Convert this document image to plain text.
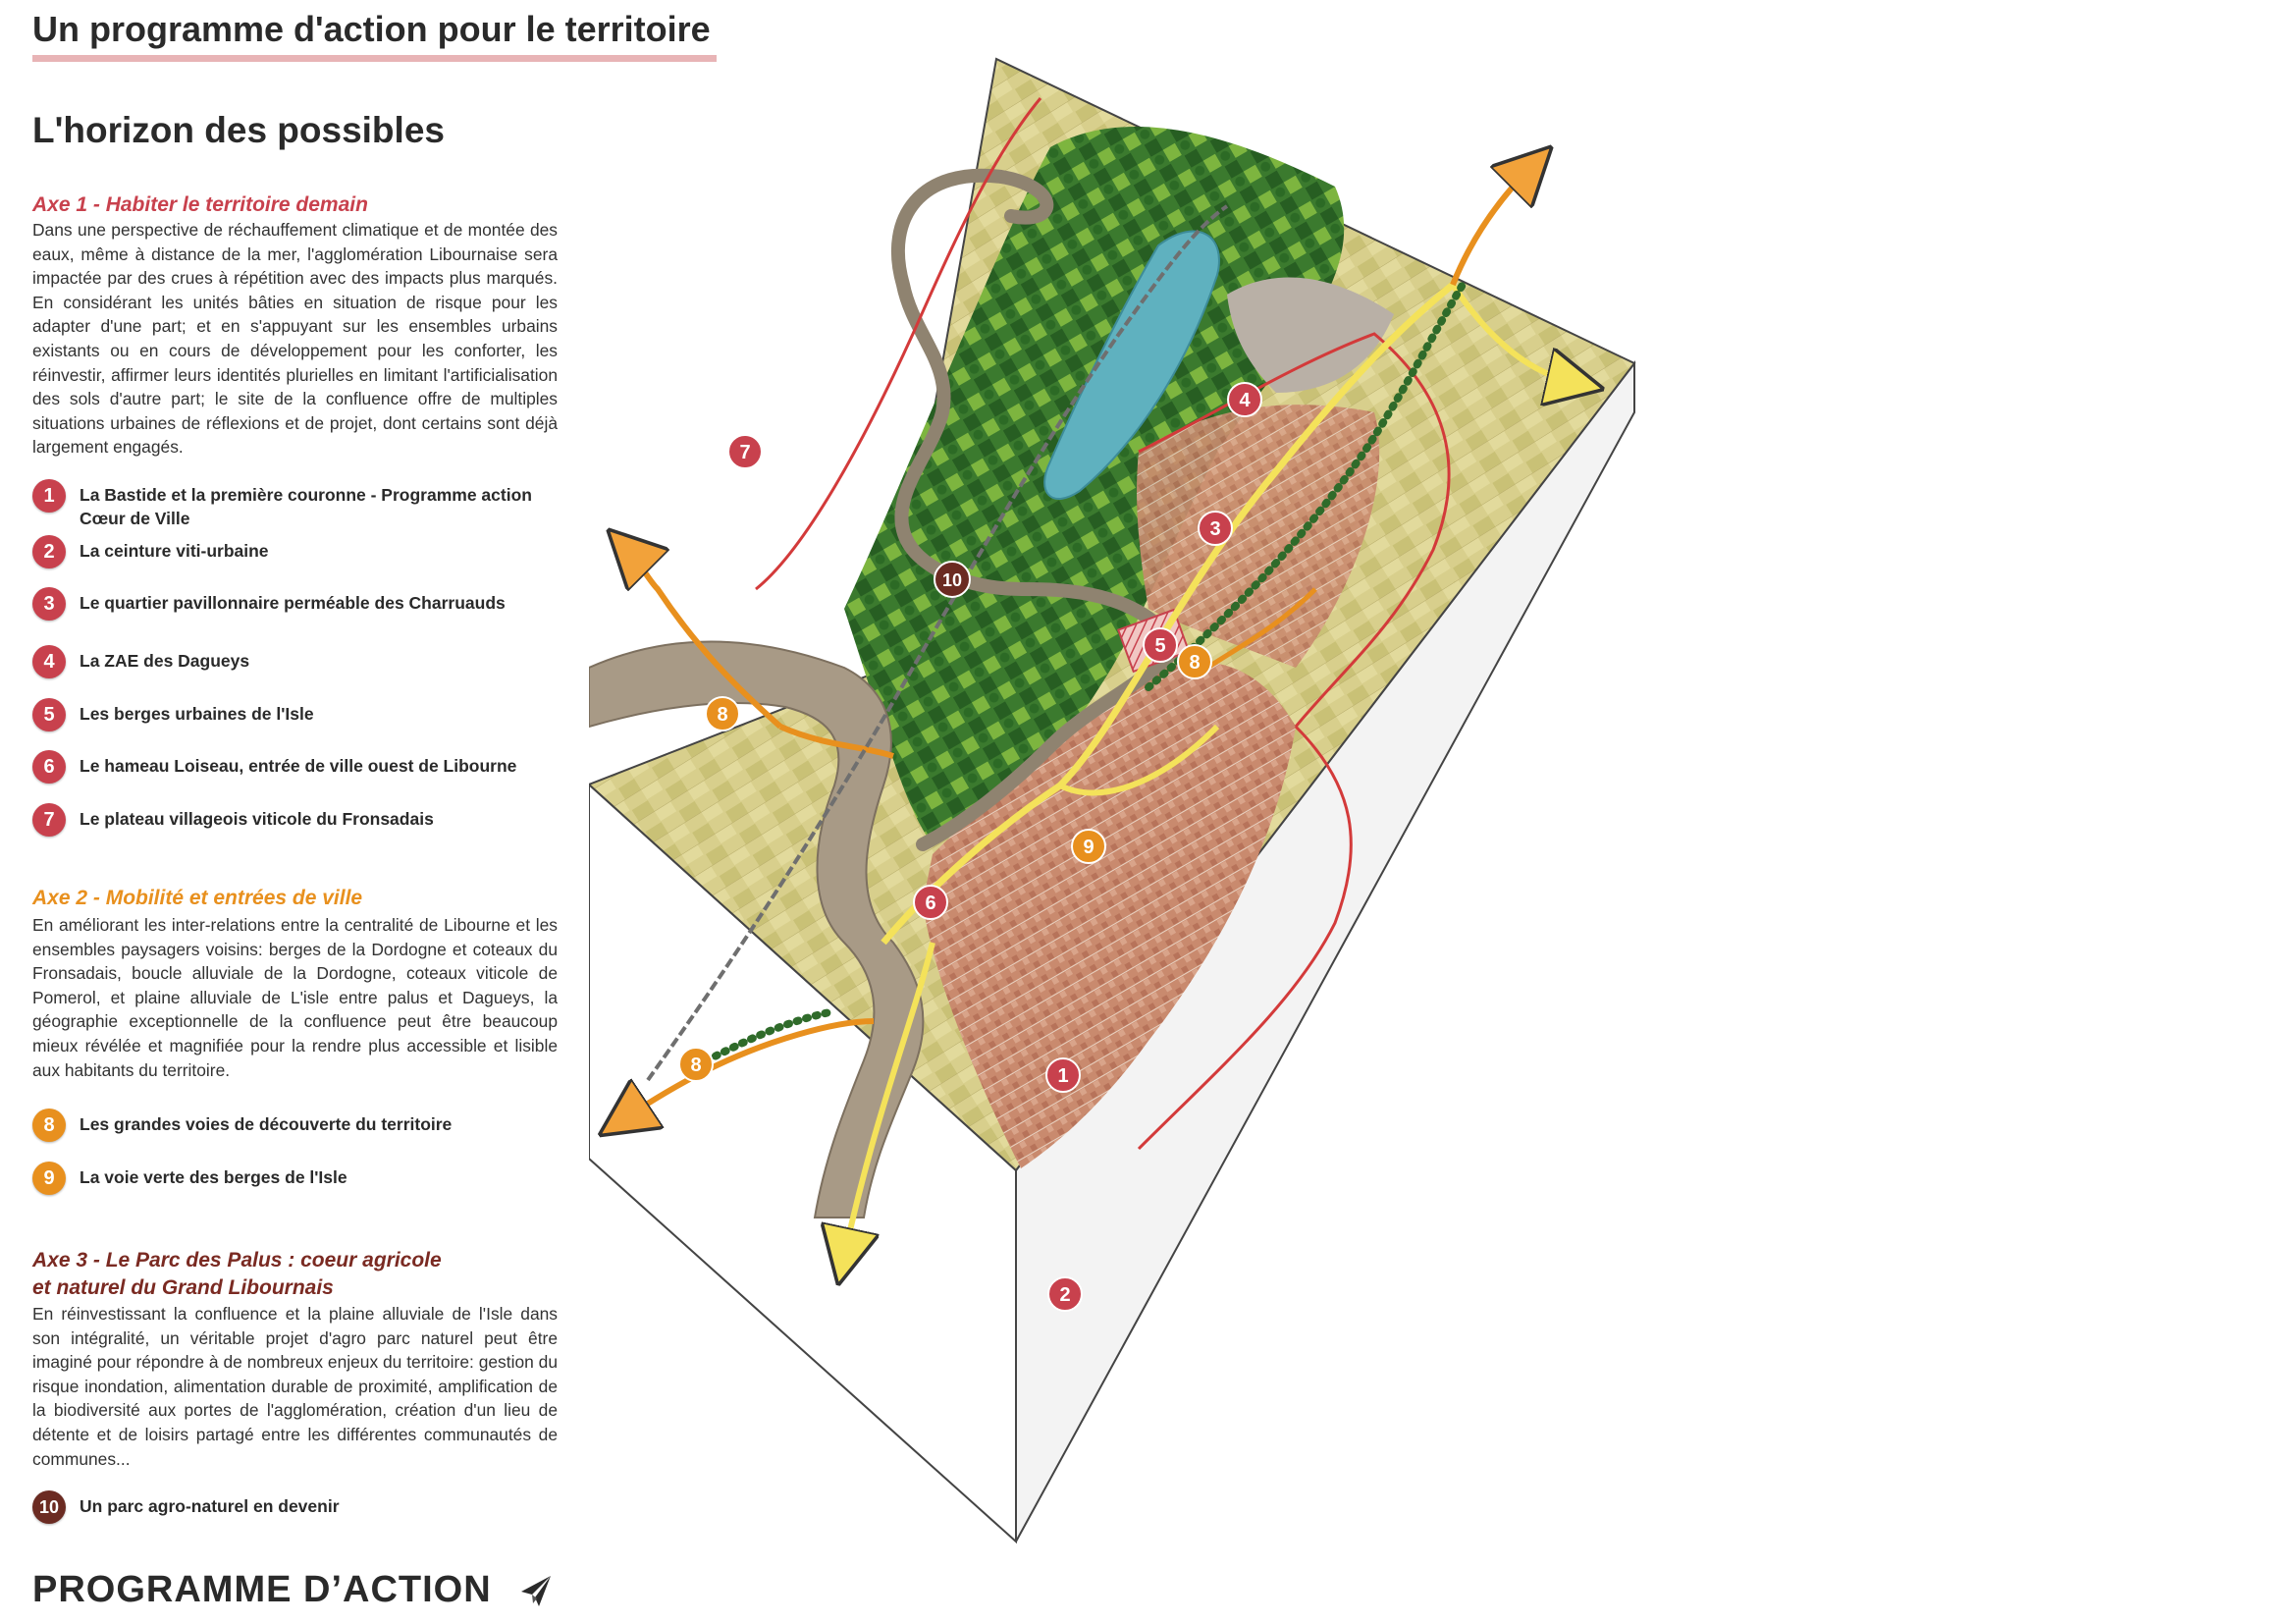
Un programme d'action pour le territoire
L'horizon des possibles
Axe 1 - Habiter le territoire demain

Dans une perspective de réchauffement climatique et de montée des eaux, même à distance de la mer, l'agglomération Libournaise sera impactée par des crues à répétition avec des impacts plus marqués. En considérant les unités bâties en situation de risque pour les adapter d'une part; et en s'appuyant sur les ensembles urbains existants ou en cours de développement pour les conforter, les réinvestir, affirmer leurs identités plurielles en limitant l'artificialisation des sols d'autre part; le site de la confluence offre de multiples situations urbaines de réflexions et de projet, dont certains sont déjà largement engagés.

1	La Bastide et la première couronne - Programme action Cœur de Ville
2	La ceinture viti-urbaine
3	Le quartier pavillonnaire perméable des Charruauds
4	La ZAE des Dagueys
5	Les berges urbaines de l'Isle
6	Le hameau Loiseau, entrée de ville ouest de Libourne
7	Le plateau villageois viticole du Fronsadais
Axe 2 - Mobilité et entrées de ville

En améliorant les inter-relations entre la centralité de Libourne et les ensembles paysagers voisins: berges de la Dordogne et coteaux du Fronsadais, boucle alluviale de la Dordogne, coteaux viticole de Pomerol, et plaine alluviale de L'isle entre palus et Dagueys, la géographie exceptionnelle de la confluence peut être beaucoup mieux révélée et magnifiée pour la rendre plus accessible et lisible aux habitants du territoire.

8	Les grandes voies de découverte du territoire
9	La voie verte des berges de l'Isle
Axe 3 - Le Parc des Palus : coeur agricole
et naturel du Grand Libournais

En réinvestissant la confluence et la plaine alluviale de l'Isle dans son intégralité, un véritable projet d'agro parc naturel peut être imaginé pour répondre à de nombreux enjeux du territoire: gestion du risque inondation, alimentation durable de proximité, amplification de la biodiversité aux portes de l'agglomération, création d'un lieu de détente et de loisirs partagé entre les différentes communautés de communes...

10	Un parc agro-naturel en devenir
PROGRAMME D’ACTION
1
2
3
4
5
6
7
8
8
8
9
10
